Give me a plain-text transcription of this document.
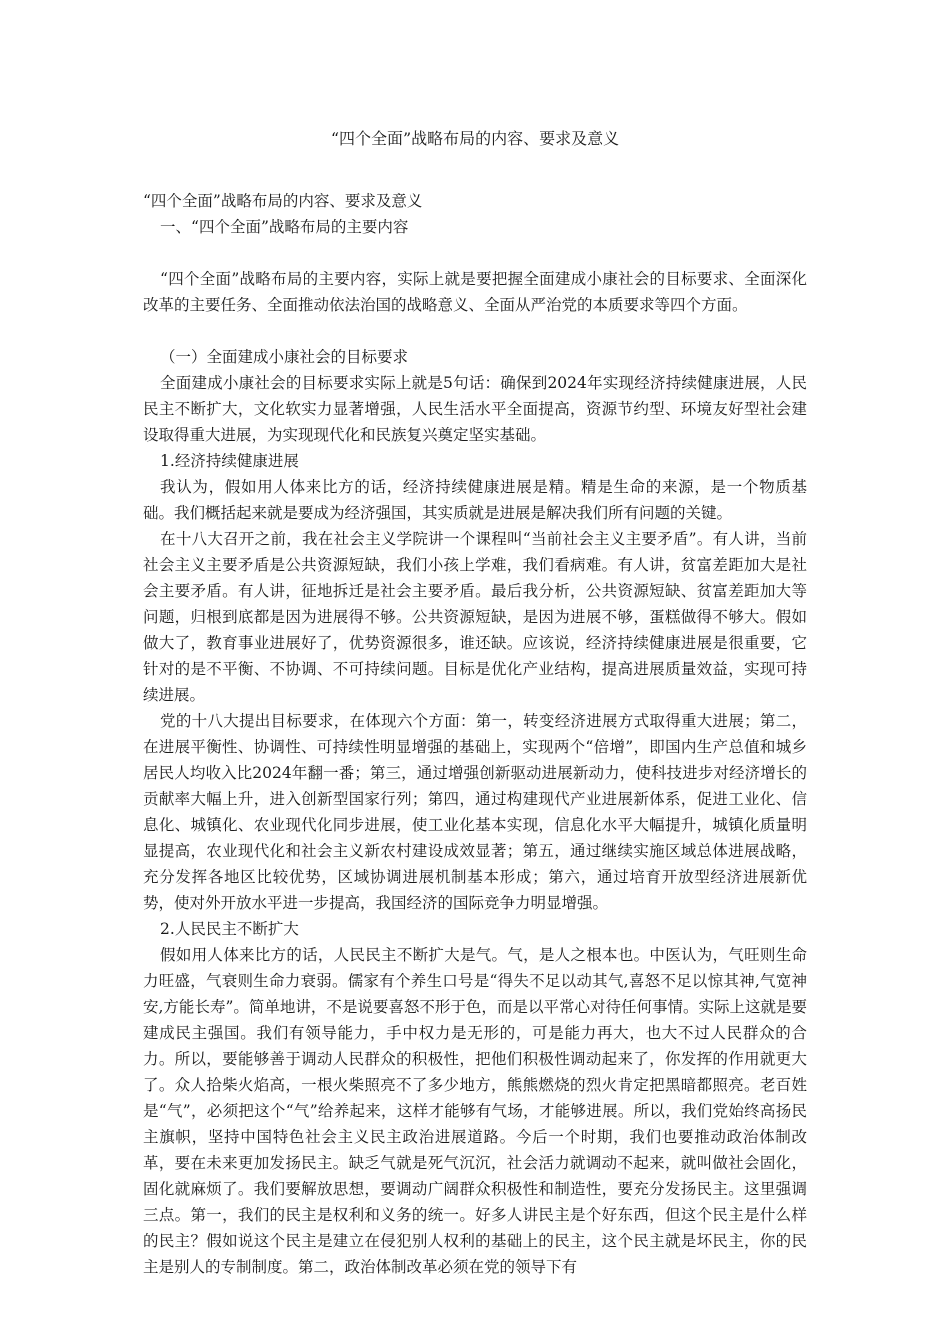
“四个全面”战略布局的内容、要求及意义

“四个全面”战略布局的内容、要求及意义

一、“四个全面”战略布局的主要内容

“四个全面”战略布局的主要内容，实际上就是要把握全面建成小康社会的目标要求、全面深化改革的主要任务、全面推动依法治国的战略意义、全面从严治党的本质要求等四个方面。

（一）全面建成小康社会的目标要求

全面建成小康社会的目标要求实际上就是5句话：确保到2024年实现经济持续健康进展，人民民主不断扩大，文化软实力显著增强，人民生活水平全面提高，资源节约型、环境友好型社会建设取得重大进展，为实现现代化和民族复兴奠定坚实基础。

1.经济持续健康进展

我认为，假如用人体来比方的话，经济持续健康进展是精。精是生命的来源，是一个物质基础。我们概括起来就是要成为经济强国，其实质就是进展是解决我们所有问题的关键。

在十八大召开之前，我在社会主义学院讲一个课程叫“当前社会主义主要矛盾”。有人讲，当前社会主义主要矛盾是公共资源短缺，我们小孩上学难，我们看病难。有人讲，贫富差距加大是社会主要矛盾。有人讲，征地拆迁是社会主要矛盾。最后我分析，公共资源短缺、贫富差距加大等问题，归根到底都是因为进展得不够。公共资源短缺，是因为进展不够，蛋糕做得不够大。假如做大了，教育事业进展好了，优势资源很多，谁还缺。应该说，经济持续健康进展是很重要，它针对的是不平衡、不协调、不可持续问题。目标是优化产业结构，提高进展质量效益，实现可持续进展。

党的十八大提出目标要求，在体现六个方面：第一，转变经济进展方式取得重大进展；第二，在进展平衡性、协调性、可持续性明显增强的基础上，实现两个“倍增”，即国内生产总值和城乡居民人均收入比2024年翻一番；第三，通过增强创新驱动进展新动力，使科技进步对经济增长的贡献率大幅上升，进入创新型国家行列；第四，通过构建现代产业进展新体系，促进工业化、信息化、城镇化、农业现代化同步进展，使工业化基本实现，信息化水平大幅提升，城镇化质量明显提高，农业现代化和社会主义新农村建设成效显著；第五，通过继续实施区域总体进展战略，充分发挥各地区比较优势，区域协调进展机制基本形成；第六，通过培育开放型经济进展新优势，使对外开放水平进一步提高，我国经济的国际竞争力明显增强。

2.人民民主不断扩大

假如用人体来比方的话，人民民主不断扩大是气。气，是人之根本也。中医认为，气旺则生命力旺盛，气衰则生命力衰弱。儒家有个养生口号是“得失不足以动其气,喜怒不足以惊其神,气宽神安,方能长寿”。简单地讲，不是说要喜怒不形于色，而是以平常心对待任何事情。实际上这就是要建成民主强国。我们有领导能力，手中权力是无形的，可是能力再大，也大不过人民群众的合力。所以，要能够善于调动人民群众的积极性，把他们积极性调动起来了，你发挥的作用就更大了。众人拾柴火焰高，一根火柴照亮不了多少地方，熊熊燃烧的烈火肯定把黑暗都照亮。老百姓是“气”，必须把这个“气”给养起来，这样才能够有气场，才能够进展。所以，我们党始终高扬民主旗帜，坚持中国特色社会主义民主政治进展道路。今后一个时期，我们也要推动政治体制改革，要在未来更加发扬民主。缺乏气就是死气沉沉，社会活力就调动不起来，就叫做社会固化，固化就麻烦了。我们要解放思想，要调动广阔群众积极性和制造性，要充分发扬民主。这里强调三点。第一，我们的民主是权利和义务的统一。好多人讲民主是个好东西，但这个民主是什么样的民主？假如说这个民主是建立在侵犯别人权利的基础上的民主，这个民主就是坏民主，你的民主是别人的专制制度。第二，政治体制改革必须在党的领导下有
